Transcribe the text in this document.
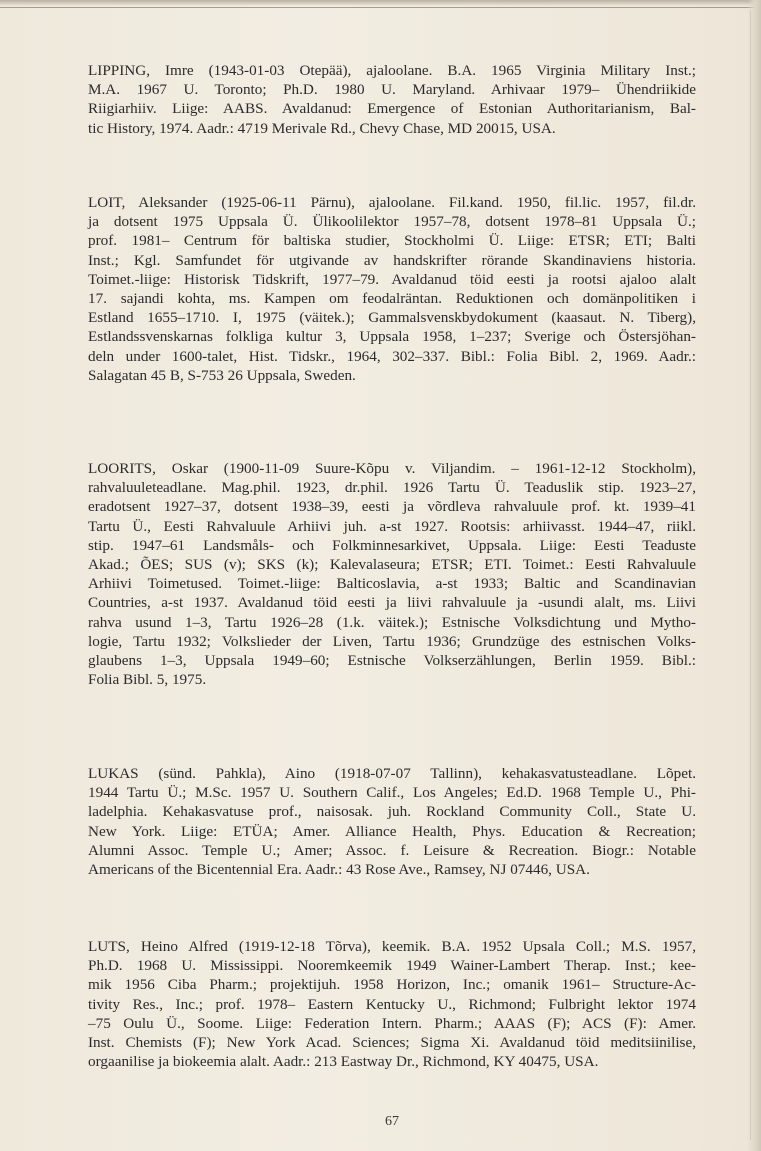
LIPPING, Imre (1943-01-03 Otepää), ajaloolane. B.A. 1965 Virginia Military Inst.;
M.A. 1967 U. Toronto; Ph.D. 1980 U. Maryland. Arhivaar 1979– Ühendriikide
Riigiarhiiv. Liige: AABS. Avaldanud: Emergence of Estonian Authoritarianism, Bal-
tic History, 1974. Aadr.: 4719 Merivale Rd., Chevy Chase, MD 20015, USA.
LOIT, Aleksander (1925-06-11 Pärnu), ajaloolane. Fil.kand. 1950, fil.lic. 1957, fil.dr.
ja dotsent 1975 Uppsala Ü. Ülikoolilektor 1957–78, dotsent 1978–81 Uppsala Ü.;
prof. 1981– Centrum för baltiska studier, Stockholmi Ü. Liige: ETSR; ETI; Balti
Inst.; Kgl. Samfundet för utgivande av handskrifter rörande Skandinaviens historia.
Toimet.-liige: Historisk Tidskrift, 1977–79. Avaldanud töid eesti ja rootsi ajaloo alalt
17. sajandi kohta, ms. Kampen om feodalräntan. Reduktionen och domänpolitiken i
Estland 1655–1710. I, 1975 (väitek.); Gammalsvenskbydokument (kaasaut. N. Tiberg),
Estlandssvenskarnas folkliga kultur 3, Uppsala 1958, 1–237; Sverige och Östersjöhan-
deln under 1600-talet, Hist. Tidskr., 1964, 302–337. Bibl.: Folia Bibl. 2, 1969. Aadr.:
Salagatan 45 B, S-753 26 Uppsala, Sweden.
LOORITS, Oskar (1900-11-09 Suure-Kõpu v. Viljandim. – 1961-12-12 Stockholm),
rahvaluuleteadlane. Mag.phil. 1923, dr.phil. 1926 Tartu Ü. Teaduslik stip. 1923–27,
eradotsent 1927–37, dotsent 1938–39, eesti ja võrdleva rahvaluule prof. kt. 1939–41
Tartu Ü., Eesti Rahvaluule Arhiivi juh. a-st 1927. Rootsis: arhiivasst. 1944–47, riikl.
stip. 1947–61 Landsmåls- och Folkminnesarkivet, Uppsala. Liige: Eesti Teaduste
Akad.; ÕES; SUS (v); SKS (k); Kalevalaseura; ETSR; ETI. Toimet.: Eesti Rahvaluule
Arhiivi Toimetused. Toimet.-liige: Balticoslavia, a-st 1933; Baltic and Scandinavian
Countries, a-st 1937. Avaldanud töid eesti ja liivi rahvaluule ja -usundi alalt, ms. Liivi
rahva usund 1–3, Tartu 1926–28 (1.k. väitek.); Estnische Volksdichtung und Mytho-
logie, Tartu 1932; Volkslieder der Liven, Tartu 1936; Grundzüge des estnischen Volks-
glaubens 1–3, Uppsala 1949–60; Estnische Volkserzählungen, Berlin 1959. Bibl.:
Folia Bibl. 5, 1975.
LUKAS (sünd. Pahkla), Aino (1918-07-07 Tallinn), kehakasvatusteadlane. Lõpet.
1944 Tartu Ü.; M.Sc. 1957 U. Southern Calif., Los Angeles; Ed.D. 1968 Temple U., Phi-
ladelphia. Kehakasvatuse prof., naisosak. juh. Rockland Community Coll., State U.
New York. Liige: ETÜA; Amer. Alliance Health, Phys. Education & Recreation;
Alumni Assoc. Temple U.; Amer; Assoc. f. Leisure & Recreation. Biogr.: Notable
Americans of the Bicentennial Era. Aadr.: 43 Rose Ave., Ramsey, NJ 07446, USA.
LUTS, Heino Alfred (1919-12-18 Tõrva), keemik. B.A. 1952 Upsala Coll.; M.S. 1957,
Ph.D. 1968 U. Mississippi. Nooremkeemik 1949 Wainer-Lambert Therap. Inst.; kee-
mik 1956 Ciba Pharm.; projektijuh. 1958 Horizon, Inc.; omanik 1961– Structure-Ac-
tivity Res., Inc.; prof. 1978– Eastern Kentucky U., Richmond; Fulbright lektor 1974
–75 Oulu Ü., Soome. Liige: Federation Intern. Pharm.; AAAS (F); ACS (F): Amer.
Inst. Chemists (F); New York Acad. Sciences; Sigma Xi. Avaldanud töid meditsiinilise,
orgaanilise ja biokeemia alalt. Aadr.: 213 Eastway Dr., Richmond, KY 40475, USA.
67
